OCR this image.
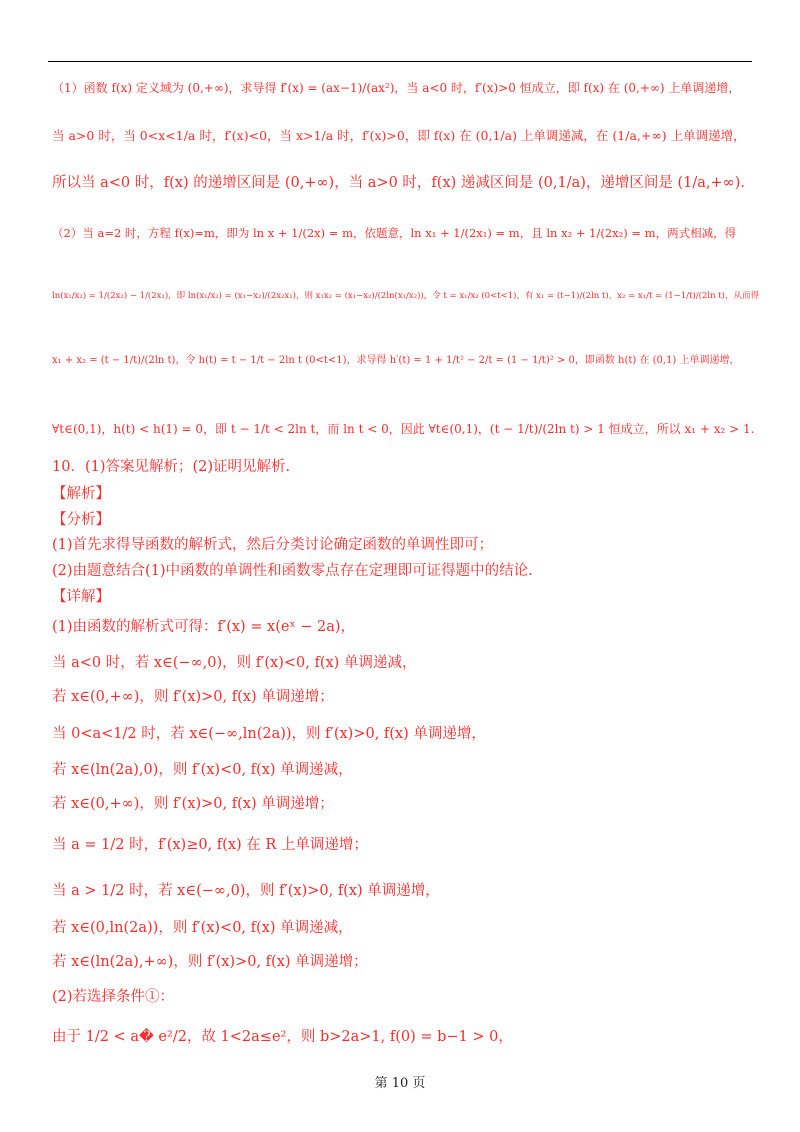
（1）函数 f(x) 定义域为 (0,+∞)，求导得 f′(x) = (ax−1)/(ax²)，当 a<0 时，f′(x)>0 恒成立，即 f(x) 在 (0,+∞) 上单调递增，
当 a>0 时，当 0<x<1/a 时，f′(x)<0，当 x>1/a 时，f′(x)>0，即 f(x) 在 (0,1/a) 上单调递减，在 (1/a,+∞) 上单调递增，
所以当 a<0 时，f(x) 的递增区间是 (0,+∞)，当 a>0 时，f(x) 递减区间是 (0,1/a)，递增区间是 (1/a,+∞).
（2）当 a=2 时，方程 f(x)=m，即为 ln x + 1/(2x) = m，依题意，ln x₁ + 1/(2x₁) = m，且 ln x₂ + 1/(2x₂) = m，两式相减，得
ln(x₁/x₂) = 1/(2x₂) − 1/(2x₁)，即 ln(x₁/x₂) = (x₁−x₂)/(2x₂x₁)，则 x₁x₂ = (x₁−x₂)/(2ln(x₁/x₂))，令 t = x₁/x₂ (0<t<1)，有 x₁ = (t−1)/(2ln t)，x₂ = x₁/t = (1−1/t)/(2ln t)，从而得
x₁ + x₂ = (t − 1/t)/(2ln t)，令 h(t) = t − 1/t − 2ln t (0<t<1)，求导得 h′(t) = 1 + 1/t² − 2/t = (1 − 1/t)² > 0，即函数 h(t) 在 (0,1) 上单调递增，
∀t∈(0,1)，h(t) < h(1) = 0，即 t − 1/t < 2ln t，而 ln t < 0，因此 ∀t∈(0,1)，(t − 1/t)/(2ln t) > 1 恒成立，所以 x₁ + x₂ > 1.
10．(1)答案见解析；(2)证明见解析.
【解析】
【分析】
(1)首先求得导函数的解析式，然后分类讨论确定函数的单调性即可；
(2)由题意结合(1)中函数的单调性和函数零点存在定理即可证得题中的结论.
【详解】
(1)由函数的解析式可得：f′(x) = x(eˣ − 2a)，
当 a<0 时，若 x∈(−∞,0)，则 f′(x)<0, f(x) 单调递减，
若 x∈(0,+∞)，则 f′(x)>0, f(x) 单调递增；
当 0<a<1/2 时，若 x∈(−∞,ln(2a))，则 f′(x)>0, f(x) 单调递增，
若 x∈(ln(2a),0)，则 f′(x)<0, f(x) 单调递减，
若 x∈(0,+∞)，则 f′(x)>0, f(x) 单调递增；
当 a = 1/2 时，f′(x)≥0, f(x) 在 R 上单调递增；
当 a > 1/2 时，若 x∈(−∞,0)，则 f′(x)>0, f(x) 单调递增，
若 x∈(0,ln(2a))，则 f′(x)<0, f(x) 单调递减，
若 x∈(ln(2a),+∞)，则 f′(x)>0, f(x) 单调递增；
(2)若选择条件①：
由于 1/2 < a� e²/2，故 1<2a≤e²，则 b>2a>1, f(0) = b−1 > 0，
第 10 页
